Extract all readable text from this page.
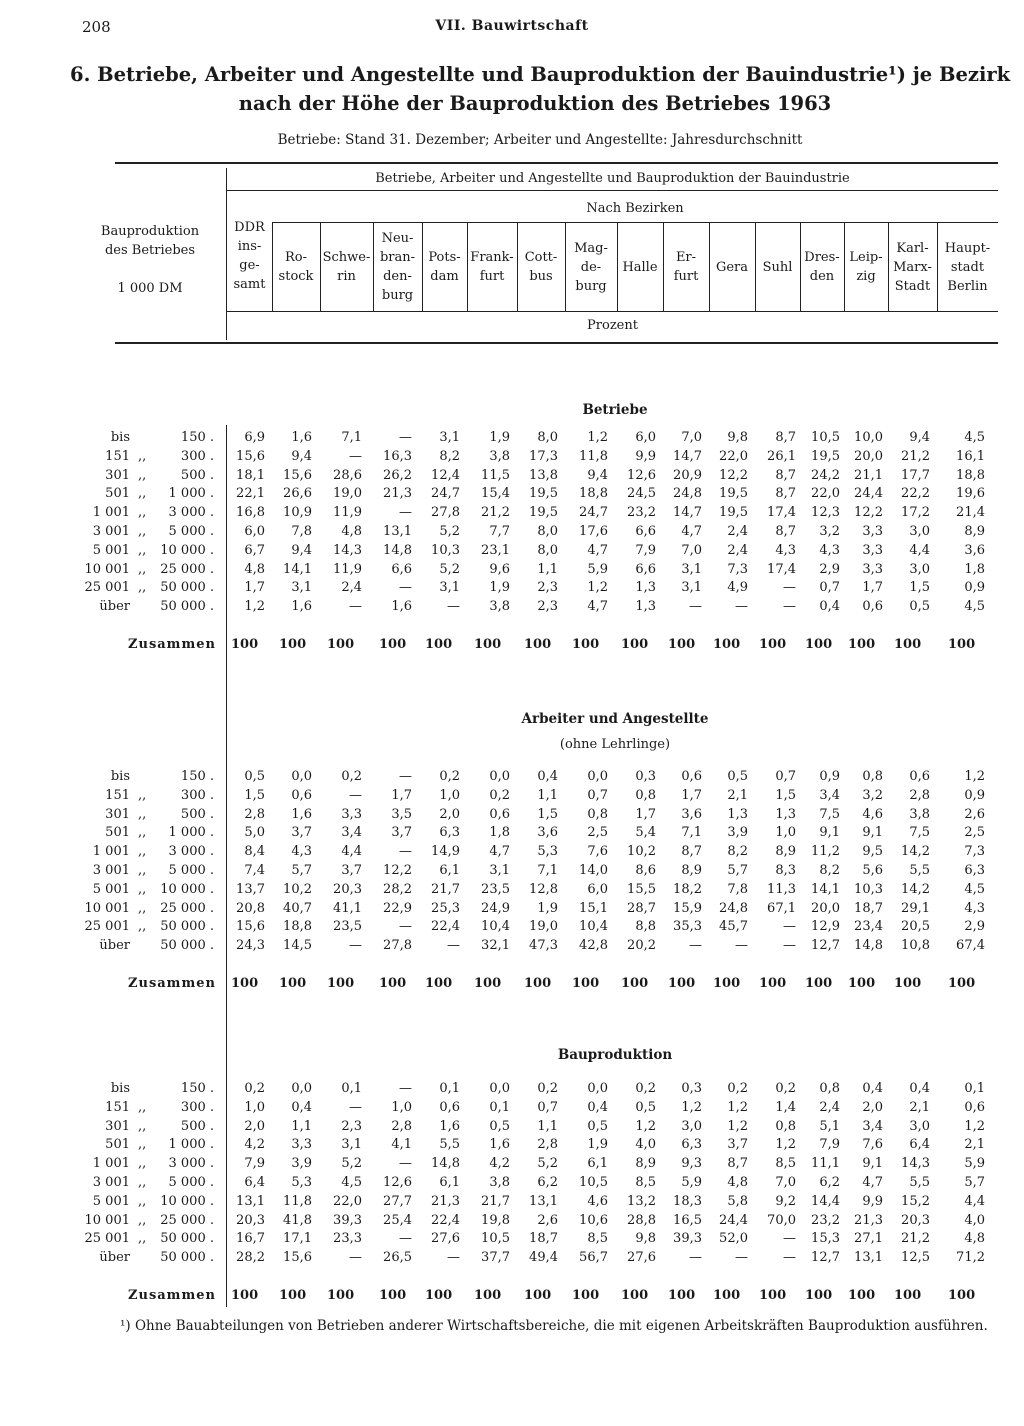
208	VII. Bauwirtschaft
6. Betriebe, Arbeiter und Angestellte und Bauproduktion der Bauindustrie¹) je Bezirk
nach der Höhe der Bauproduktion des Betriebes 1963
Betriebe: Stand 31. Dezember; Arbeiter und Angestellte: Jahresdurchschnitt
Bauproduktion
des Betriebes
1 000 DM
Betriebe, Arbeiter und Angestellte und Bauproduktion der Bauindustrie
Nach Bezirken
Prozent
DDR
ins-
ge-
samt
Ro-
stock
Schwe-
rin
Neu-
bran-
den-
burg
Pots-
dam
Frank-
furt
Cott-
bus
Mag-
de-
burg
Halle
Er-
furt
Gera	Suhl
Dres-
den
Leip-
zig
Karl-
Marx-
Stadt
Haupt-
stadt
Berlin
Betriebe
bis	150 .	6,9	1,6	7,1	—	3,1	1,9	8,0	1,2	6,0	7,0	9,8	8,7	10,5	10,0	9,4	4,5
151 ,,	300 .	15,6	9,4	—	16,3	8,2	3,8	17,3	11,8	9,9	14,7	22,0	26,1	19,5	20,0	21,2	16,1
301 ,,	500 .	18,1	15,6	28,6	26,2	12,4	11,5	13,8	9,4	12,6	20,9	12,2	8,7	24,2	21,1	17,7	18,8
501 ,,	1 000 .	22,1	26,6	19,0	21,3	24,7	15,4	19,5	18,8	24,5	24,8	19,5	8,7	22,0	24,4	22,2	19,6
1 001 ,,	3 000 .	16,8	10,9	11,9	—	27,8	21,2	19,5	24,7	23,2	14,7	19,5	17,4	12,3	12,2	17,2	21,4
3 001 ,,	5 000 .	6,0	7,8	4,8	13,1	5,2	7,7	8,0	17,6	6,6	4,7	2,4	8,7	3,2	3,3	3,0	8,9
5 001 ,,	10 000 .	6,7	9,4	14,3	14,8	10,3	23,1	8,0	4,7	7,9	7,0	2,4	4,3	4,3	3,3	4,4	3,6
10 001 ,,	25 000 .	4,8	14,1	11,9	6,6	5,2	9,6	1,1	5,9	6,6	3,1	7,3	17,4	2,9	3,3	3,0	1,8
25 001 ,,	50 000 .	1,7	3,1	2,4	—	3,1	1,9	2,3	1,2	1,3	3,1	4,9	—	0,7	1,7	1,5	0,9
über	50 000 .	1,2	1,6	—	1,6	—	3,8	2,3	4,7	1,3	—	—	—	0,4	0,6	0,5	4,5
Zusammen 100	100	100	100	100	100	100	100	100	100	100	100	100	100	100	100
Arbeiter und Angestellte
(ohne Lehrlinge)
bis	150 .	0,5	0,0	0,2	—	0,2	0,0	0,4	0,0	0,3	0,6	0,5	0,7	0,9	0,8	0,6	1,2
151 ,,	300 .	1,5	0,6	—	1,7	1,0	0,2	1,1	0,7	0,8	1,7	2,1	1,5	3,4	3,2	2,8	0,9
301 ,,	500 .	2,8	1,6	3,3	3,5	2,0	0,6	1,5	0,8	1,7	3,6	1,3	1,3	7,5	4,6	3,8	2,6
501 ,,	1 000 .	5,0	3,7	3,4	3,7	6,3	1,8	3,6	2,5	5,4	7,1	3,9	1,0	9,1	9,1	7,5	2,5
1 001 ,,	3 000 .	8,4	4,3	4,4	—	14,9	4,7	5,3	7,6	10,2	8,7	8,2	8,9	11,2	9,5	14,2	7,3
3 001 ,,	5 000 .	7,4	5,7	3,7	12,2	6,1	3,1	7,1	14,0	8,6	8,9	5,7	8,3	8,2	5,6	5,5	6,3
5 001 ,,	10 000 .	13,7	10,2	20,3	28,2	21,7	23,5	12,8	6,0	15,5	18,2	7,8	11,3	14,1	10,3	14,2	4,5
10 001 ,,	25 000 .	20,8	40,7	41,1	22,9	25,3	24,9	1,9	15,1	28,7	15,9	24,8	67,1	20,0	18,7	29,1	4,3
25 001 ,,	50 000 .	15,6	18,8	23,5	—	22,4	10,4	19,0	10,4	8,8	35,3	45,7	—	12,9	23,4	20,5	2,9
über	50 000 .	24,3	14,5	—	27,8	—	32,1	47,3	42,8	20,2	—	—	—	12,7	14,8	10,8	67,4
Zusammen 100	100	100	100	100	100	100	100	100	100	100	100	100	100	100	100
Bauproduktion
bis	150 .	0,2	0,0	0,1	—	0,1	0,0	0,2	0,0	0,2	0,3	0,2	0,2	0,8	0,4	0,4	0,1
151 ,,	300 .	1,0	0,4	—	1,0	0,6	0,1	0,7	0,4	0,5	1,2	1,2	1,4	2,4	2,0	2,1	0,6
301 ,,	500 .	2,0	1,1	2,3	2,8	1,6	0,5	1,1	0,5	1,2	3,0	1,2	0,8	5,1	3,4	3,0	1,2
501 ,,	1 000 .	4,2	3,3	3,1	4,1	5,5	1,6	2,8	1,9	4,0	6,3	3,7	1,2	7,9	7,6	6,4	2,1
1 001 ,,	3 000 .	7,9	3,9	5,2	—	14,8	4,2	5,2	6,1	8,9	9,3	8,7	8,5	11,1	9,1	14,3	5,9
3 001 ,,	5 000 .	6,4	5,3	4,5	12,6	6,1	3,8	6,2	10,5	8,5	5,9	4,8	7,0	6,2	4,7	5,5	5,7
5 001 ,,	10 000 .	13,1	11,8	22,0	27,7	21,3	21,7	13,1	4,6	13,2	18,3	5,8	9,2	14,4	9,9	15,2	4,4
10 001 ,,	25 000 .	20,3	41,8	39,3	25,4	22,4	19,8	2,6	10,6	28,8	16,5	24,4	70,0	23,2	21,3	20,3	4,0
25 001 ,,	50 000 .	16,7	17,1	23,3	—	27,6	10,5	18,7	8,5	9,8	39,3	52,0	—	15,3	27,1	21,2	4,8
über	50 000 .	28,2	15,6	—	26,5	—	37,7	49,4	56,7	27,6	—	—	—	12,7	13,1	12,5	71,2
Zusammen 100	100	100	100	100	100	100	100	100	100	100	100	100	100	100	100
¹) Ohne Bauabteilungen von Betrieben anderer Wirtschaftsbereiche, die mit eigenen Arbeitskräften Bauproduktion ausführen.
